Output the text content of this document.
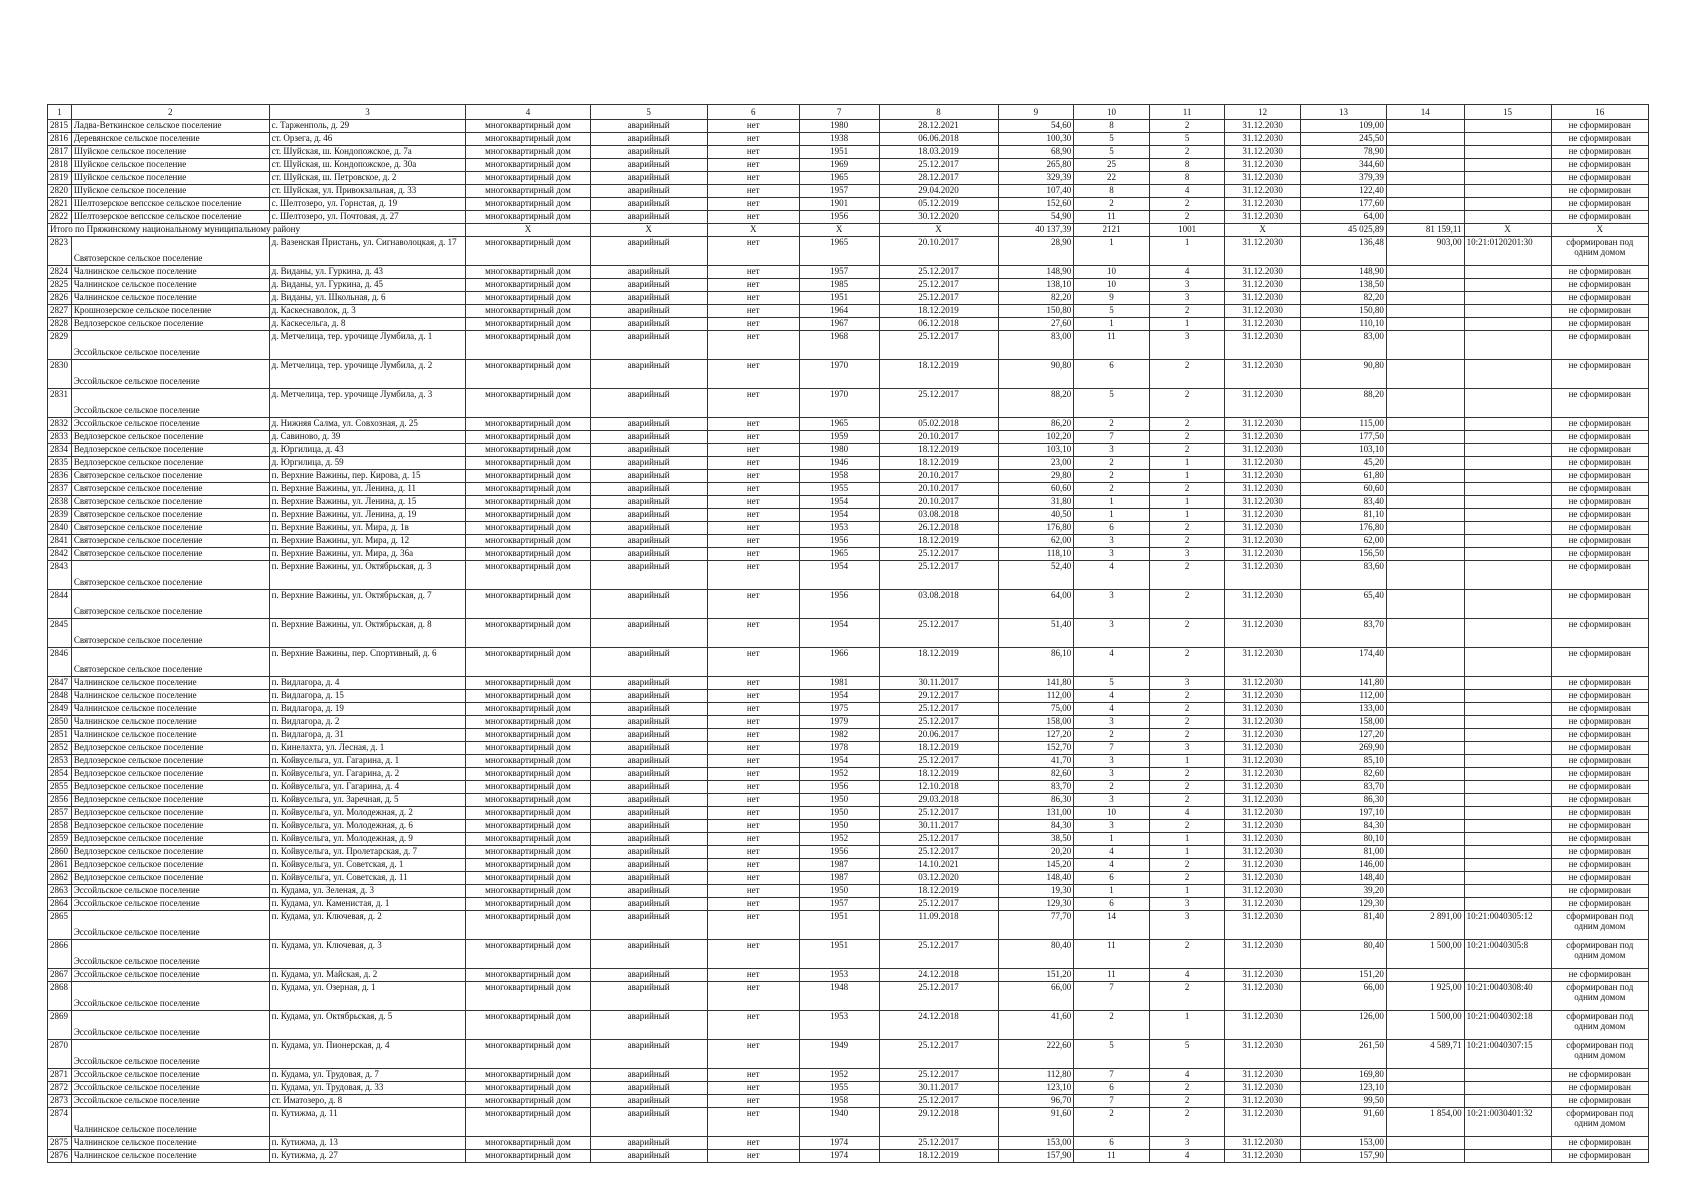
1	2	3	4	5	6	7	8	9	10	11	12	13	14	15	16
2815	Ладва-Веткинское сельское поселение	с. Тарженполь, д. 29	многоквартирный дом	аварийный	нет	1980	28.12.2021	54,60	8	2	31.12.2030	109,00			не сформирован
2816	Деревянское сельское поселение	ст. Орзега, д. 46	многоквартирный дом	аварийный	нет	1938	06.06.2018	100,30	5	5	31.12.2030	245,50			не сформирован
2817	Шуйское сельское поселение	ст. Шуйская, ш. Кондопожское, д. 7а	многоквартирный дом	аварийный	нет	1951	18.03.2019	68,90	5	2	31.12.2030	78,90			не сформирован
2818	Шуйское сельское поселение	ст. Шуйская, ш. Кондопожское, д. 30а	многоквартирный дом	аварийный	нет	1969	25.12.2017	265,80	25	8	31.12.2030	344,60			не сформирован
2819	Шуйское сельское поселение	ст. Шуйская, ш. Петровское, д. 2	многоквартирный дом	аварийный	нет	1965	28.12.2017	329,39	22	8	31.12.2030	379,39			не сформирован
2820	Шуйское сельское поселение	ст. Шуйская, ул. Привокзальная, д. 33	многоквартирный дом	аварийный	нет	1957	29.04.2020	107,40	8	4	31.12.2030	122,40			не сформирован
2821	Шелтозерское вепсское сельское поселение	с. Шелтозеро, ул. Горнстая, д. 19	многоквартирный дом	аварийный	нет	1901	05.12.2019	152,60	2	2	31.12.2030	177,60			не сформирован
2822	Шелтозерское вепсское сельское поселение	с. Шелтозеро, ул. Почтовая, д. 27	многоквартирный дом	аварийный	нет	1956	30.12.2020	54,90	11	2	31.12.2030	64,00			не сформирован
Итого по Пряжинскому национальному муниципальному району			X	X	X	X	X	40 137,39	2121	1001	X	45 025,89	81 159,11	X	X
2823	Святозерское сельское поселение	д. Вазенская Пристань, ул. Сигнаволоцкая, д. 17	многоквартирный дом	аварийный	нет	1965	20.10.2017	28,90	1	1	31.12.2030	136,48	903,00	10:21:0120201:30	сформирован под одним домом
2824	Чалнинское сельское поселение	д. Виданы, ул. Гуркина, д. 43	многоквартирный дом	аварийный	нет	1957	25.12.2017	148,90	10	4	31.12.2030	148,90			не сформирован
2825	Чалнинское сельское поселение	д. Виданы, ул. Гуркина, д. 45	многоквартирный дом	аварийный	нет	1985	25.12.2017	138,10	10	3	31.12.2030	138,50			не сформирован
2826	Чалнинское сельское поселение	д. Виданы, ул. Школьная, д. 6	многоквартирный дом	аварийный	нет	1951	25.12.2017	82,20	9	3	31.12.2030	82,20			не сформирован
2827	Крошнозерское сельское поселение	д. Каскеснаволок, д. 3	многоквартирный дом	аварийный	нет	1964	18.12.2019	150,80	5	2	31.12.2030	150,80			не сформирован
2828	Ведлозерское сельское поселение	д. Каскесельга, д. 8	многоквартирный дом	аварийный	нет	1967	06.12.2018	27,60	1	1	31.12.2030	110,10			не сформирован
2829	Эссойльское сельское поселение	д. Метчелица, тер. урочище Лумбила, д. 1	многоквартирный дом	аварийный	нет	1968	25.12.2017	83,00	11	3	31.12.2030	83,00			не сформирован
2830	Эссойльское сельское поселение	д. Метчелица, тер. урочище Лумбила, д. 2	многоквартирный дом	аварийный	нет	1970	18.12.2019	90,80	6	2	31.12.2030	90,80			не сформирован
2831	Эссойльское сельское поселение	д. Метчелица, тер. урочище Лумбила, д. 3	многоквартирный дом	аварийный	нет	1970	25.12.2017	88,20	5	2	31.12.2030	88,20			не сформирован
2832	Эссойльское сельское поселение	д. Нижняя Салма, ул. Совхозная, д. 25	многоквартирный дом	аварийный	нет	1965	05.02.2018	86,20	2	2	31.12.2030	115,00			не сформирован
2833	Ведлозерское сельское поселение	д. Савиново, д. 39	многоквартирный дом	аварийный	нет	1959	20.10.2017	102,20	7	2	31.12.2030	177,50			не сформирован
2834	Ведлозерское сельское поселение	д. Юргилица, д. 43	многоквартирный дом	аварийный	нет	1980	18.12.2019	103,10	3	2	31.12.2030	103,10			не сформирован
2835	Ведлозерское сельское поселение	д. Юргилица, д. 59	многоквартирный дом	аварийный	нет	1946	18.12.2019	23,00	2	1	31.12.2030	45,20			не сформирован
2836	Святозерское сельское поселение	п. Верхние Важины, пер. Кирова, д. 15	многоквартирный дом	аварийный	нет	1958	20.10.2017	29,80	2	1	31.12.2030	61,80			не сформирован
2837	Святозерское сельское поселение	п. Верхние Важины, ул. Ленина, д. 11	многоквартирный дом	аварийный	нет	1955	20.10.2017	60,60	2	2	31.12.2030	60,60			не сформирован
2838	Святозерское сельское поселение	п. Верхние Важины, ул. Ленина, д. 15	многоквартирный дом	аварийный	нет	1954	20.10.2017	31,80	1	1	31.12.2030	83,40			не сформирован
2839	Святозерское сельское поселение	п. Верхние Важины, ул. Ленина, д. 19	многоквартирный дом	аварийный	нет	1954	03.08.2018	40,50	1	1	31.12.2030	81,10			не сформирован
2840	Святозерское сельское поселение	п. Верхние Важины, ул. Мира, д. 1в	многоквартирный дом	аварийный	нет	1953	26.12.2018	176,80	6	2	31.12.2030	176,80			не сформирован
2841	Святозерское сельское поселение	п. Верхние Важины, ул. Мира, д. 12	многоквартирный дом	аварийный	нет	1956	18.12.2019	62,00	3	2	31.12.2030	62,00			не сформирован
2842	Святозерское сельское поселение	п. Верхние Важины, ул. Мира, д. 36а	многоквартирный дом	аварийный	нет	1965	25.12.2017	118,10	3	3	31.12.2030	156,50			не сформирован
2843	Святозерское сельское поселение	п. Верхние Важины, ул. Октябрьская, д. 3	многоквартирный дом	аварийный	нет	1954	25.12.2017	52,40	4	2	31.12.2030	83,60			не сформирован
2844	Святозерское сельское поселение	п. Верхние Важины, ул. Октябрьская, д. 7	многоквартирный дом	аварийный	нет	1956	03.08.2018	64,00	3	2	31.12.2030	65,40			не сформирован
2845	Святозерское сельское поселение	п. Верхние Важины, ул. Октябрьская, д. 8	многоквартирный дом	аварийный	нет	1954	25.12.2017	51,40	3	2	31.12.2030	83,70			не сформирован
2846	Святозерское сельское поселение	п. Верхние Важины, пер. Спортивный, д. 6	многоквартирный дом	аварийный	нет	1966	18.12.2019	86,10	4	2	31.12.2030	174,40			не сформирован
2847	Чалнинское сельское поселение	п. Видлагора, д. 4	многоквартирный дом	аварийный	нет	1981	30.11.2017	141,80	5	3	31.12.2030	141,80			не сформирован
2848	Чалнинское сельское поселение	п. Видлагора, д. 15	многоквартирный дом	аварийный	нет	1954	29.12.2017	112,00	4	2	31.12.2030	112,00			не сформирован
2849	Чалнинское сельское поселение	п. Видлагора, д. 19	многоквартирный дом	аварийный	нет	1975	25.12.2017	75,00	4	2	31.12.2030	133,00			не сформирован
2850	Чалнинское сельское поселение	п. Видлагора, д. 2	многоквартирный дом	аварийный	нет	1979	25.12.2017	158,00	3	2	31.12.2030	158,00			не сформирован
2851	Чалнинское сельское поселение	п. Видлагора, д. 31	многоквартирный дом	аварийный	нет	1982	20.06.2017	127,20	2	2	31.12.2030	127,20			не сформирован
2852	Ведлозерское сельское поселение	п. Кинелахта, ул. Лесная, д. 1	многоквартирный дом	аварийный	нет	1978	18.12.2019	152,70	7	3	31.12.2030	269,90			не сформирован
2853	Ведлозерское сельское поселение	п. Койвусельга, ул. Гагарина, д. 1	многоквартирный дом	аварийный	нет	1954	25.12.2017	41,70	3	1	31.12.2030	85,10			не сформирован
2854	Ведлозерское сельское поселение	п. Койвусельга, ул. Гагарина, д. 2	многоквартирный дом	аварийный	нет	1952	18.12.2019	82,60	3	2	31.12.2030	82,60			не сформирован
2855	Ведлозерское сельское поселение	п. Койвусельга, ул. Гагарина, д. 4	многоквартирный дом	аварийный	нет	1956	12.10.2018	83,70	2	2	31.12.2030	83,70			не сформирован
2856	Ведлозерское сельское поселение	п. Койвусельга, ул. Заречная, д. 5	многоквартирный дом	аварийный	нет	1950	29.03.2018	86,30	3	2	31.12.2030	86,30			не сформирован
2857	Ведлозерское сельское поселение	п. Койвусельга, ул. Молодежная, д. 2	многоквартирный дом	аварийный	нет	1950	25.12.2017	131,00	10	4	31.12.2030	197,10			не сформирован
2858	Ведлозерское сельское поселение	п. Койвусельга, ул. Молодежная, д. 6	многоквартирный дом	аварийный	нет	1950	30.11.2017	84,30	3	2	31.12.2030	84,30			не сформирован
2859	Ведлозерское сельское поселение	п. Койвусельга, ул. Молодежная, д. 9	многоквартирный дом	аварийный	нет	1952	25.12.2017	38,50	1	1	31.12.2030	80,10			не сформирован
2860	Ведлозерское сельское поселение	п. Койвусельга, ул. Пролетарская, д. 7	многоквартирный дом	аварийный	нет	1956	25.12.2017	20,20	4	1	31.12.2030	81,00			не сформирован
2861	Ведлозерское сельское поселение	п. Койвусельга, ул. Советская, д. 1	многоквартирный дом	аварийный	нет	1987	14.10.2021	145,20	4	2	31.12.2030	146,00			не сформирован
2862	Ведлозерское сельское поселение	п. Койвусельга, ул. Советская, д. 11	многоквартирный дом	аварийный	нет	1987	03.12.2020	148,40	6	2	31.12.2030	148,40			не сформирован
2863	Эссойльское сельское поселение	п. Кудама, ул. Зеленая, д. 3	многоквартирный дом	аварийный	нет	1950	18.12.2019	19,30	1	1	31.12.2030	39,20			не сформирован
2864	Эссойльское сельское поселение	п. Кудама, ул. Каменистая, д. 1	многоквартирный дом	аварийный	нет	1957	25.12.2017	129,30	6	3	31.12.2030	129,30			не сформирован
2865	Эссойльское сельское поселение	п. Кудама, ул. Ключевая, д. 2	многоквартирный дом	аварийный	нет	1951	11.09.2018	77,70	14	3	31.12.2030	81,40	2 891,00	10:21:0040305:12	сформирован под одним домом
2866	Эссойльское сельское поселение	п. Кудама, ул. Ключевая, д. 3	многоквартирный дом	аварийный	нет	1951	25.12.2017	80,40	11	2	31.12.2030	80,40	1 500,00	10:21:0040305:8	сформирован под одним домом
2867	Эссойльское сельское поселение	п. Кудама, ул. Майская, д. 2	многоквартирный дом	аварийный	нет	1953	24.12.2018	151,20	11	4	31.12.2030	151,20			не сформирован
2868	Эссойльское сельское поселение	п. Кудама, ул. Озерная, д. 1	многоквартирный дом	аварийный	нет	1948	25.12.2017	66,00	7	2	31.12.2030	66,00	1 925,00	10:21:0040308:40	сформирован под одним домом
2869	Эссойльское сельское поселение	п. Кудама, ул. Октябрьская, д. 5	многоквартирный дом	аварийный	нет	1953	24.12.2018	41,60	2	1	31.12.2030	126,00	1 500,00	10:21:0040302:18	сформирован под одним домом
2870	Эссойльское сельское поселение	п. Кудама, ул. Пионерская, д. 4	многоквартирный дом	аварийный	нет	1949	25.12.2017	222,60	5	5	31.12.2030	261,50	4 589,71	10:21:0040307:15	сформирован под одним домом
2871	Эссойльское сельское поселение	п. Кудама, ул. Трудовая, д. 7	многоквартирный дом	аварийный	нет	1952	25.12.2017	112,80	7	4	31.12.2030	169,80			не сформирован
2872	Эссойльское сельское поселение	п. Кудама, ул. Трудовая, д. 33	многоквартирный дом	аварийный	нет	1955	30.11.2017	123,10	6	2	31.12.2030	123,10			не сформирован
2873	Эссойльское сельское поселение	ст. Иматозеро, д. 8	многоквартирный дом	аварийный	нет	1958	25.12.2017	96,70	7	2	31.12.2030	99,50			не сформирован
2874	Чалнинское сельское поселение	п. Кутижма, д. 11	многоквартирный дом	аварийный	нет	1940	29.12.2018	91,60	2	2	31.12.2030	91,60	1 854,00	10:21:0030401:32	сформирован под одним домом
2875	Чалнинское сельское поселение	п. Кутижма, д. 13	многоквартирный дом	аварийный	нет	1974	25.12.2017	153,00	6	3	31.12.2030	153,00			не сформирован
2876	Чалнинское сельское поселение	п. Кутижма, д. 27	многоквартирный дом	аварийный	нет	1974	18.12.2019	157,90	11	4	31.12.2030	157,90			не сформирован
